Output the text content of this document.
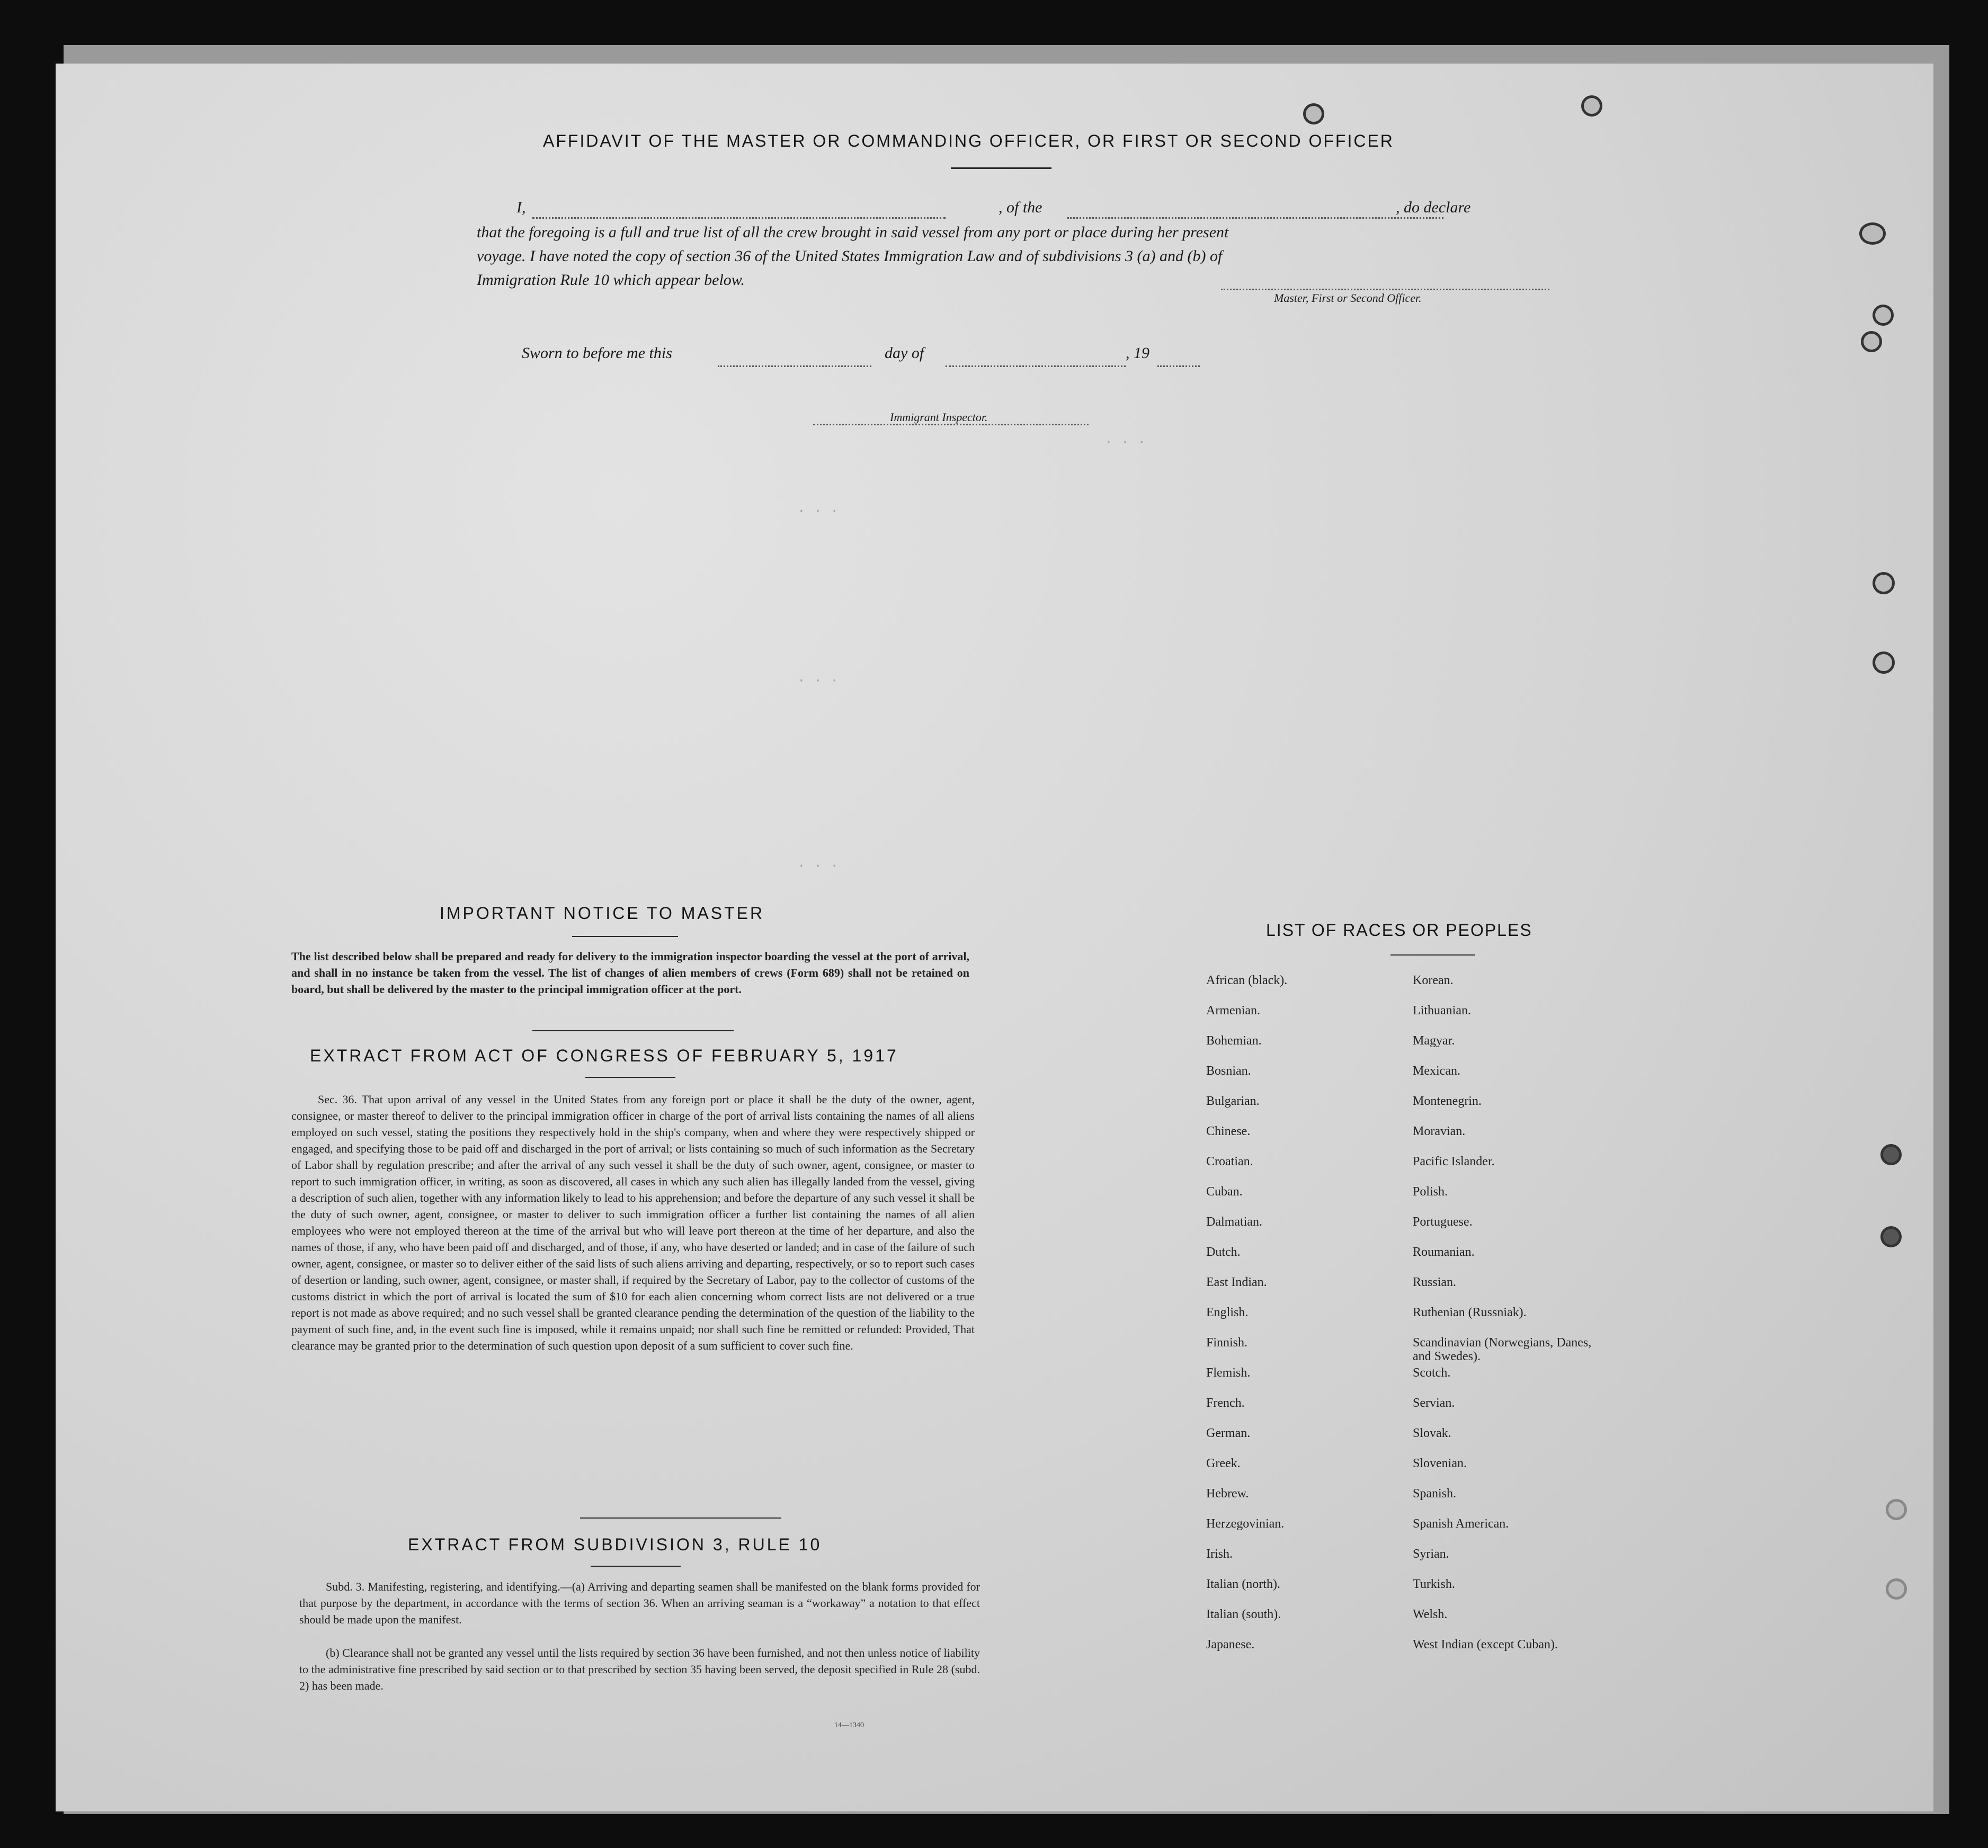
· · ·
· · ·
· · ·
· · ·
AFFIDAVIT OF THE MASTER OR COMMANDING OFFICER, OR FIRST OR SECOND OFFICER
I,	, of the	, do declare
that the foregoing is a full and true list of all the crew brought in said vessel from any port or place during her present
voyage. I have noted the copy of section 36 of the United States Immigration Law and of subdivisions 3 (a) and (b) of
Immigration Rule 10 which appear below.
Master, First or Second Officer.
Sworn to before me this	day of	, 19
Immigrant Inspector.
IMPORTANT NOTICE TO MASTER
The list described below shall be prepared and ready for delivery to the immigration inspector boarding the vessel at the port of arrival, and shall in no instance be taken from the vessel. The list of changes of alien members of crews (Form 689) shall not be retained on board, but shall be delivered by the master to the principal immigration officer at the port.
EXTRACT FROM ACT OF CONGRESS OF FEBRUARY 5, 1917
Sec. 36. That upon arrival of any vessel in the United States from any foreign port or place it shall be the duty of the owner, agent, consignee, or master thereof to deliver to the principal immigration officer in charge of the port of arrival lists containing the names of all aliens employed on such vessel, stating the positions they respectively hold in the ship's company, when and where they were respectively shipped or engaged, and specifying those to be paid off and discharged in the port of arrival; or lists containing so much of such information as the Secretary of Labor shall by regulation prescribe; and after the arrival of any such vessel it shall be the duty of such owner, agent, consignee, or master to report to such immigration officer, in writing, as soon as discovered, all cases in which any such alien has illegally landed from the vessel, giving a description of such alien, together with any information likely to lead to his apprehension; and before the departure of any such vessel it shall be the duty of such owner, agent, consignee, or master to deliver to such immigration officer a further list containing the names of all alien employees who were not employed thereon at the time of the arrival but who will leave port thereon at the time of her departure, and also the names of those, if any, who have been paid off and discharged, and of those, if any, who have deserted or landed; and in case of the failure of such owner, agent, consignee, or master so to deliver either of the said lists of such aliens arriving and departing, respectively, or so to report such cases of desertion or landing, such owner, agent, consignee, or master shall, if required by the Secretary of Labor, pay to the collector of customs of the customs district in which the port of arrival is located the sum of $10 for each alien concerning whom correct lists are not delivered or a true report is not made as above required; and no such vessel shall be granted clearance pending the determination of the question of the liability to the payment of such fine, and, in the event such fine is imposed, while it remains unpaid; nor shall such fine be remitted or refunded: Provided, That clearance may be granted prior to the determination of such question upon deposit of a sum sufficient to cover such fine.
EXTRACT FROM SUBDIVISION 3, RULE 10
Subd. 3. Manifesting, registering, and identifying.—(a) Arriving and departing seamen shall be manifested on the blank forms provided for that purpose by the department, in accordance with the terms of section 36. When an arriving seaman is a “workaway” a notation to that effect should be made upon the manifest.
(b) Clearance shall not be granted any vessel until the lists required by section 36 have been furnished, and not then unless notice of liability to the administrative fine prescribed by said section or to that prescribed by section 35 having been served, the deposit specified in Rule 28 (subd. 2) has been made.
14—1340
LIST OF RACES OR PEOPLES
African (black).
Armenian.
Bohemian.
Bosnian.
Bulgarian.
Chinese.
Croatian.
Cuban.
Dalmatian.
Dutch.
East Indian.
English.
Finnish.
Flemish.
French.
German.
Greek.
Hebrew.
Herzegovinian.
Irish.
Italian (north).
Italian (south).
Japanese.
Korean.
Lithuanian.
Magyar.
Mexican.
Montenegrin.
Moravian.
Pacific Islander.
Polish.
Portuguese.
Roumanian.
Russian.
Ruthenian (Russniak).
Scandinavian (Norwegians, Danes, and Swedes).
Scotch.
Servian.
Slovak.
Slovenian.
Spanish.
Spanish American.
Syrian.
Turkish.
Welsh.
West Indian (except Cuban).
